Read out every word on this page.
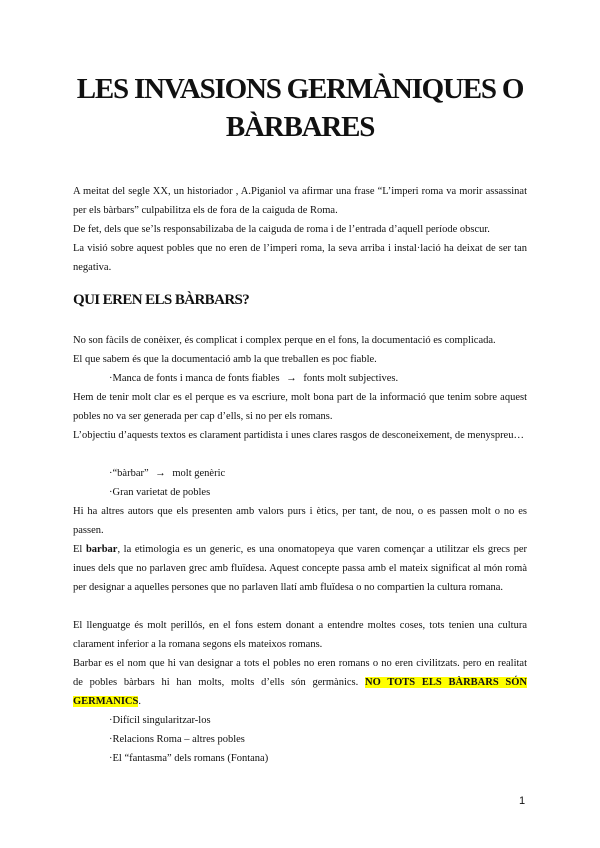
LES INVASIONS GERMÀNIQUES O BÀRBARES

A meitat del segle XX, un historiador , A.Piganiol va afirmar una frase “L’imperi roma va morir assassinat per els bàrbars” culpabilitza els de fora de la caiguda de Roma.

De fet, dels que se’ls responsabilizaba de la caiguda de roma i de l’entrada d’aquell període obscur.

La visió sobre aquest pobles que no eren de l’imperi roma, la seva arriba i instal·lació ha deixat de ser tan negativa.

QUI EREN ELS BÀRBARS?

No son fàcils de conèixer, és complicat i complex perque en el fons, la documentació es complicada.

El que sabem és que la documentació amb la que treballen es poc fiable.

·Manca de fonts i manca de fonts fiables → fonts molt subjectives.

Hem de tenir molt clar es el perque es va escriure, molt bona part de la informació que tenim sobre aquest pobles no va ser generada per cap d’ells, si no per els romans.

L’objectiu d’aquests textos es clarament partidista i unes clares rasgos de desconeixement, de menyspreu…

·“bàrbar” → molt genèric

·Gran varietat de pobles

Hi ha altres autors que els presenten amb valors purs i ètics, per tant, de nou, o es passen molt o no es passen.

El barbar, la etimologia es un generic, es una onomatopeya que varen començar a utilitzar els grecs per inues dels que no parlaven grec amb fluïdesa. Aquest concepte passa amb el mateix significat al món romà per designar a aquelles persones que no parlaven llatí amb fluïdesa o no compartien la cultura romana.

El llenguatge és molt perillós, en el fons estem donant a entendre moltes coses, tots tenien una cultura clarament inferior a la romana segons els mateixos romans.

Barbar es el nom que hi van designar a tots el pobles no eren romans o no eren civilitzats. pero en realitat de pobles bàrbars hi han molts, molts d’ells són germànics. NO TOTS ELS BÀRBARS SÓN GERMANICS.

·Difícil singularitzar-los

·Relacions Roma – altres pobles

·El “fantasma” dels romans (Fontana)

1
